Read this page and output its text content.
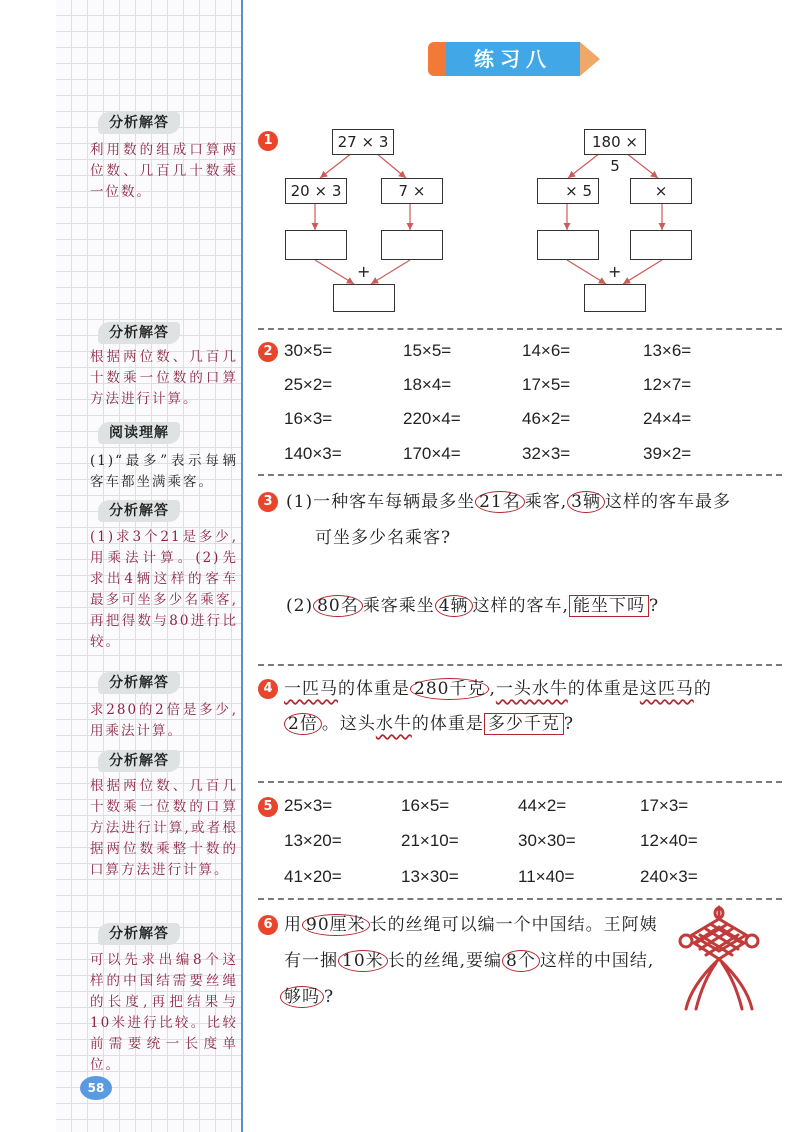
分析解答
利用数的组成口算两位数、几百几十数乘一位数。
分析解答
根据两位数、几百几十数乘一位数的口算方法进行计算。
阅读理解
(1)“最多”表示每辆客车都坐满乘客。
分析解答
(1)求3个21是多少,用乘法计算。(2)先求出4辆这样的客车最多可坐多少名乘客,再把得数与80进行比较。
分析解答
求280的2倍是多少,用乘法计算。
分析解答
根据两位数、几百几十数乘一位数的口算方法进行计算,或者根据两位数乘整十数的口算方法进行计算。
分析解答
可以先求出编8个这样的中国结需要丝绳的长度,再把结果与10米进行比较。比较前需要统一长度单位。
58
练习八
1	27 × 3
20 × 3	7 ×
+
180 × 5
× 5	×
+
2 30×5=	15×5=	14×6=	13×6=
25×2=	18×4=	17×5=	12×7=
16×3=	220×4=	46×2=	24×4=
140×3=	170×4=	32×3=	39×2=
3 (1)一种客车每辆最多坐 21名 乘客, 3辆 这样的客车最多
可坐多少名乘客?
(2) 80名 乘客乘坐 4辆 这样的客车, 能坐下吗 ?
4 一匹马的体重是 280千克 ,一头水牛的体重是这匹马的
2倍 。这头水牛的体重是 多少千克 ?
5 25×3=	16×5=	44×2=	17×3=
13×20=	21×10=	30×30=	12×40=
41×20=	13×30=	11×40=	240×3=
6 用 90厘米 长的丝绳可以编一个中国结。王阿姨
有一捆 10米 长的丝绳,要编 8个 这样的中国结,
够吗 ?
